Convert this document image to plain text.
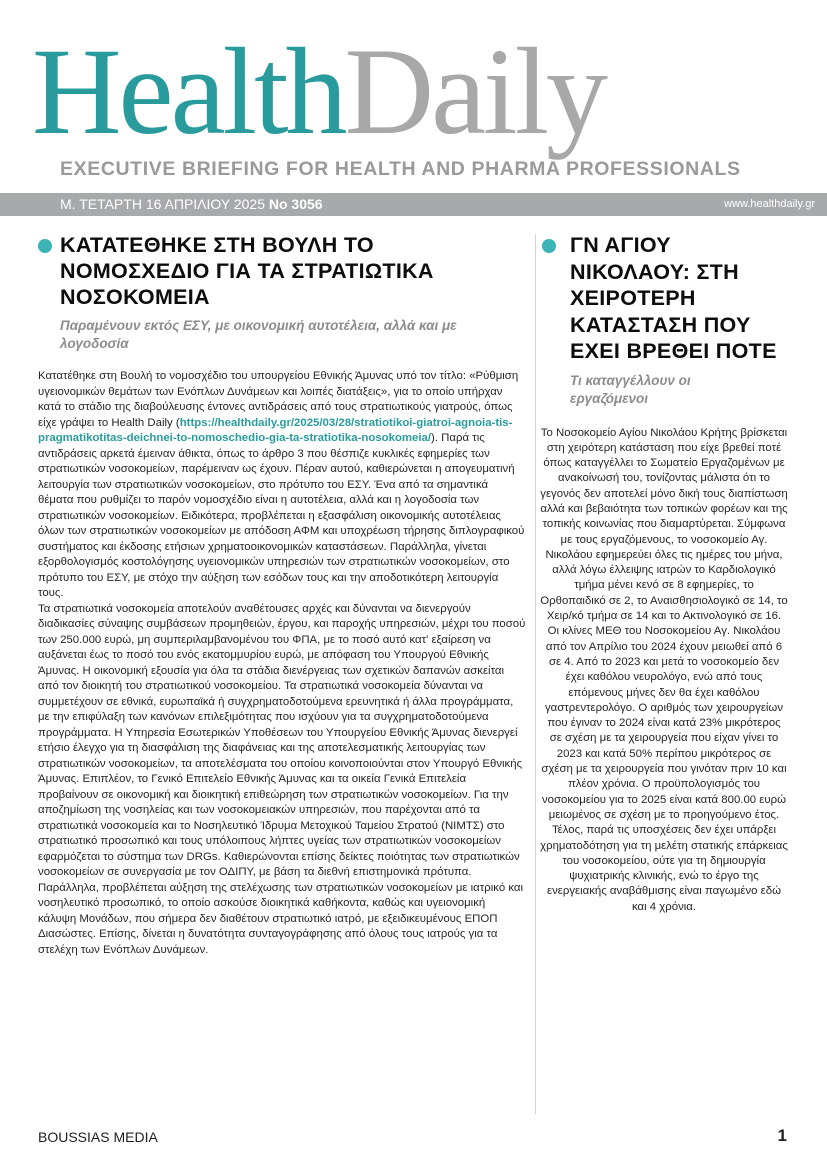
HealthDaily
EXECUTIVE BRIEFING FOR HEALTH AND PHARMA PROFESSIONALS
Μ. ΤΕΤΑΡΤΗ 16 ΑΠΡΙΛΙΟΥ 2025 Nο 3056	www.healthdaily.gr
ΚΑΤΑΤΕΘΗΚΕ ΣΤΗ ΒΟΥΛΗ ΤΟ ΝΟΜΟΣΧΕΔΙΟ ΓΙΑ ΤΑ ΣΤΡΑΤΙΩΤΙΚΑ ΝΟΣΟΚΟΜΕΙΑ

Παραμένουν εκτός ΕΣΥ, με οικονομική αυτοτέλεια, αλλά και με λογοδοσία

Κατατέθηκε στη Βουλή το νομοσχέδιο του υπουργείου Εθνικής Άμυνας υπό τον τίτλο: «Ρύθμιση υγειονομικών θεμάτων των Ενόπλων Δυνάμεων και λοιπές διατάξεις», για το οποίο υπήρχαν κατά το στάδιο της διαβούλευσης έντονες αντιδράσεις από τους στρατιωτικούς γιατρούς, όπως είχε γράψει το Health Daily (https://healthdaily.gr/2025/03/28/stratiotikoi-giatroi-agnoia-tis-pragmatikotitas-deichnei-to-nomoschedio-gia-ta-stratiotika-nosokomeia/). Παρά τις αντιδράσεις αρκετά έμειναν άθικτα, όπως το άρθρο 3 που θέσπιζε κυκλικές εφημερίες των στρατιωτικών νοσοκομείων, παρέμειναν ως έχουν. Πέραν αυτού, καθιερώνεται η απογευματινή λειτουργία των στρατιωτικών νοσοκομείων, στο πρότυπο του ΕΣΥ. Ένα από τα σημαντικά θέματα που ρυθμίζει το παρόν νομοσχέδιο είναι η αυτοτέλεια, αλλά και η λογοδοσία των στρατιωτικών νοσοκομείων. Ειδικότερα, προβλέπεται η εξασφάλιση οικονομικής αυτοτέλειας όλων των στρατιωτικών νοσοκομείων με απόδοση ΑΦΜ και υποχρέωση τήρησης διπλογραφικού συστήματος και έκδοσης ετήσιων χρηματοοικονομικών καταστάσεων. Παράλληλα, γίνεται εξορθολογισμός κοστολόγησης υγειονομικών υπηρεσιών των στρατιωτικών νοσοκομείων, στο πρότυπο του ΕΣΥ, με στόχο την αύξηση των εσόδων τους και την αποδοτικότερη λειτουργία τους.

Τα στρατιωτικά νοσοκομεία αποτελούν αναθέτουσες αρχές και δύνανται να διενεργούν διαδικασίες σύναψης συμβάσεων προμηθειών, έργου, και παροχής υπηρεσιών, μέχρι του ποσού των 250.000 ευρώ, μη συμπεριλαμβανομένου του ΦΠΑ, με το ποσό αυτό κατ' εξαίρεση να αυξάνεται έως το ποσό του ενός εκατομμυρίου ευρώ, με απόφαση του Υπουργού Εθνικής Άμυνας. Η οικονομική εξουσία για όλα τα στάδια διενέργειας των σχετικών δαπανών ασκείται από τον διοικητή του στρατιωτικού νοσοκομείου. Τα στρατιωτικά νοσοκομεία δύνανται να συμμετέχουν σε εθνικά, ευρωπαϊκά ή συγχρηματοδοτούμενα ερευνητικά ή άλλα προγράμματα, με την επιφύλαξη των κανόνων επιλεξιμότητας που ισχύουν για τα συγχρηματοδοτούμενα προγράμματα. Η Υπηρεσία Εσωτερικών Υποθέσεων του Υπουργείου Εθνικής Άμυνας διενεργεί ετήσιο έλεγχο για τη διασφάλιση της διαφάνειας και της αποτελεσματικής λειτουργίας των στρατιωτικών νοσοκομείων, τα αποτελέσματα του οποίου κοινοποιούνται στον Υπουργό Εθνικής Άμυνας. Επιπλέον, το Γενικό Επιτελείο Εθνικής Άμυνας και τα οικεία Γενικά Επιτελεία προβαίνουν σε οικονομική και διοικητική επιθεώρηση των στρατιωτικών νοσοκομείων. Για την αποζημίωση της νοσηλείας και των νοσοκομειακών υπηρεσιών, που παρέχονται από τα στρατιωτικά νοσοκομεία και το Νοσηλευτικό Ίδρυμα Μετοχικού Ταμείου Στρατού (ΝΙΜΤΣ) στο στρατιωτικό προσωπικό και τους υπόλοιπους λήπτες υγείας των στρατιωτικών νοσοκομείων εφαρμόζεται το σύστημα των DRGs. Καθιερώνονται επίσης δείκτες ποιότητας των στρατιωτικών νοσοκομείων σε συνεργασία με τον ΟΔΙΠΥ, με βάση τα διεθνή επιστημονικά πρότυπα. Παράλληλα, προβλέπεται αύξηση της στελέχωσης των στρατιωτικών νοσοκομείων με ιατρικό και νοσηλευτικό προσωπικό, το οποίο ασκούσε διοικητικά καθήκοντα, καθώς και υγειονομική κάλυψη Μονάδων, που σήμερα δεν διαθέτουν στρατιωτικό ιατρό, με εξειδικευμένους ΕΠΟΠ Διασώστες. Επίσης, δίνεται η δυνατότητα συνταγογράφησης από όλους τους ιατρούς για τα στελέχη των Ενόπλων Δυνάμεων.

ΓΝ ΑΓΙΟΥ ΝΙΚΟΛΑΟΥ: ΣΤΗ ΧΕΙΡΟΤΕΡΗ ΚΑΤΑΣΤΑΣΗ ΠΟΥ ΕΧΕΙ ΒΡΕΘΕΙ ΠΟΤΕ

Τι καταγγέλλουν οι εργαζόμενοι

Το Νοσοκομείο Αγίου Νικολάου Κρήτης βρίσκεται στη χειρότερη κατάσταση που είχε βρεθεί ποτέ όπως καταγγέλλει το Σωματείο Εργαζομένων με ανακοίνωσή του, τονίζοντας μάλιστα ότι το γεγονός δεν αποτελεί μόνο δική τους διαπίστωση αλλά και βεβαιότητα των τοπικών φορέων και της τοπικής κοινωνίας που διαμαρτύρεται. Σύμφωνα με τους εργαζόμενους, το νοσοκομείο Αγ. Νικολάου εφημερεύει όλες τις ημέρες του μήνα, αλλά λόγω έλλειψης ιατρών το Καρδιολογικό τμήμα μένει κενό σε 8 εφημερίες, το Ορθοπαιδικό σε 2, το Αναισθησιολογικό σε 14, το Χειρ/κό τμήμα σε 14 και το Ακτινολογικό σε 16. Οι κλίνες ΜΕΘ του Νοσοκομείου Αγ. Νικολάου από τον Απρίλιο του 2024 έχουν μειωθεί από 6 σε 4. Από το 2023 και μετά το νοσοκομείο δεν έχει καθόλου νευρολόγο, ενώ από τους επόμενους μήνες δεν θα έχει καθόλου γαστρεντερολόγο. Ο αριθμός των χειρουργείων που έγιναν το 2024 είναι κατά 23% μικρότερος σε σχέση με τα χειρουργεία που είχαν γίνει το 2023 και κατά 50% περίπου μικρότερος σε σχέση με τα χειρουργεία που γινόταν πριν 10 και πλέον χρόνια. Ο προϋπολογισμός του νοσοκομείου για το 2025 είναι κατά 800.00 ευρώ μειωμένος σε σχέση με το προηγούμενο έτος. Τέλος, παρά τις υποσχέσεις δεν έχει υπάρξει χρηματοδότηση για τη μελέτη στατικής επάρκειας του νοσοκομείου, ούτε για τη δημιουργία ψυχιατρικής κλινικής, ενώ το έργο της ενεργειακής αναβάθμισης είναι παγωμένο εδώ και 4 χρόνια.
BOUSSIAS MEDIA	1
